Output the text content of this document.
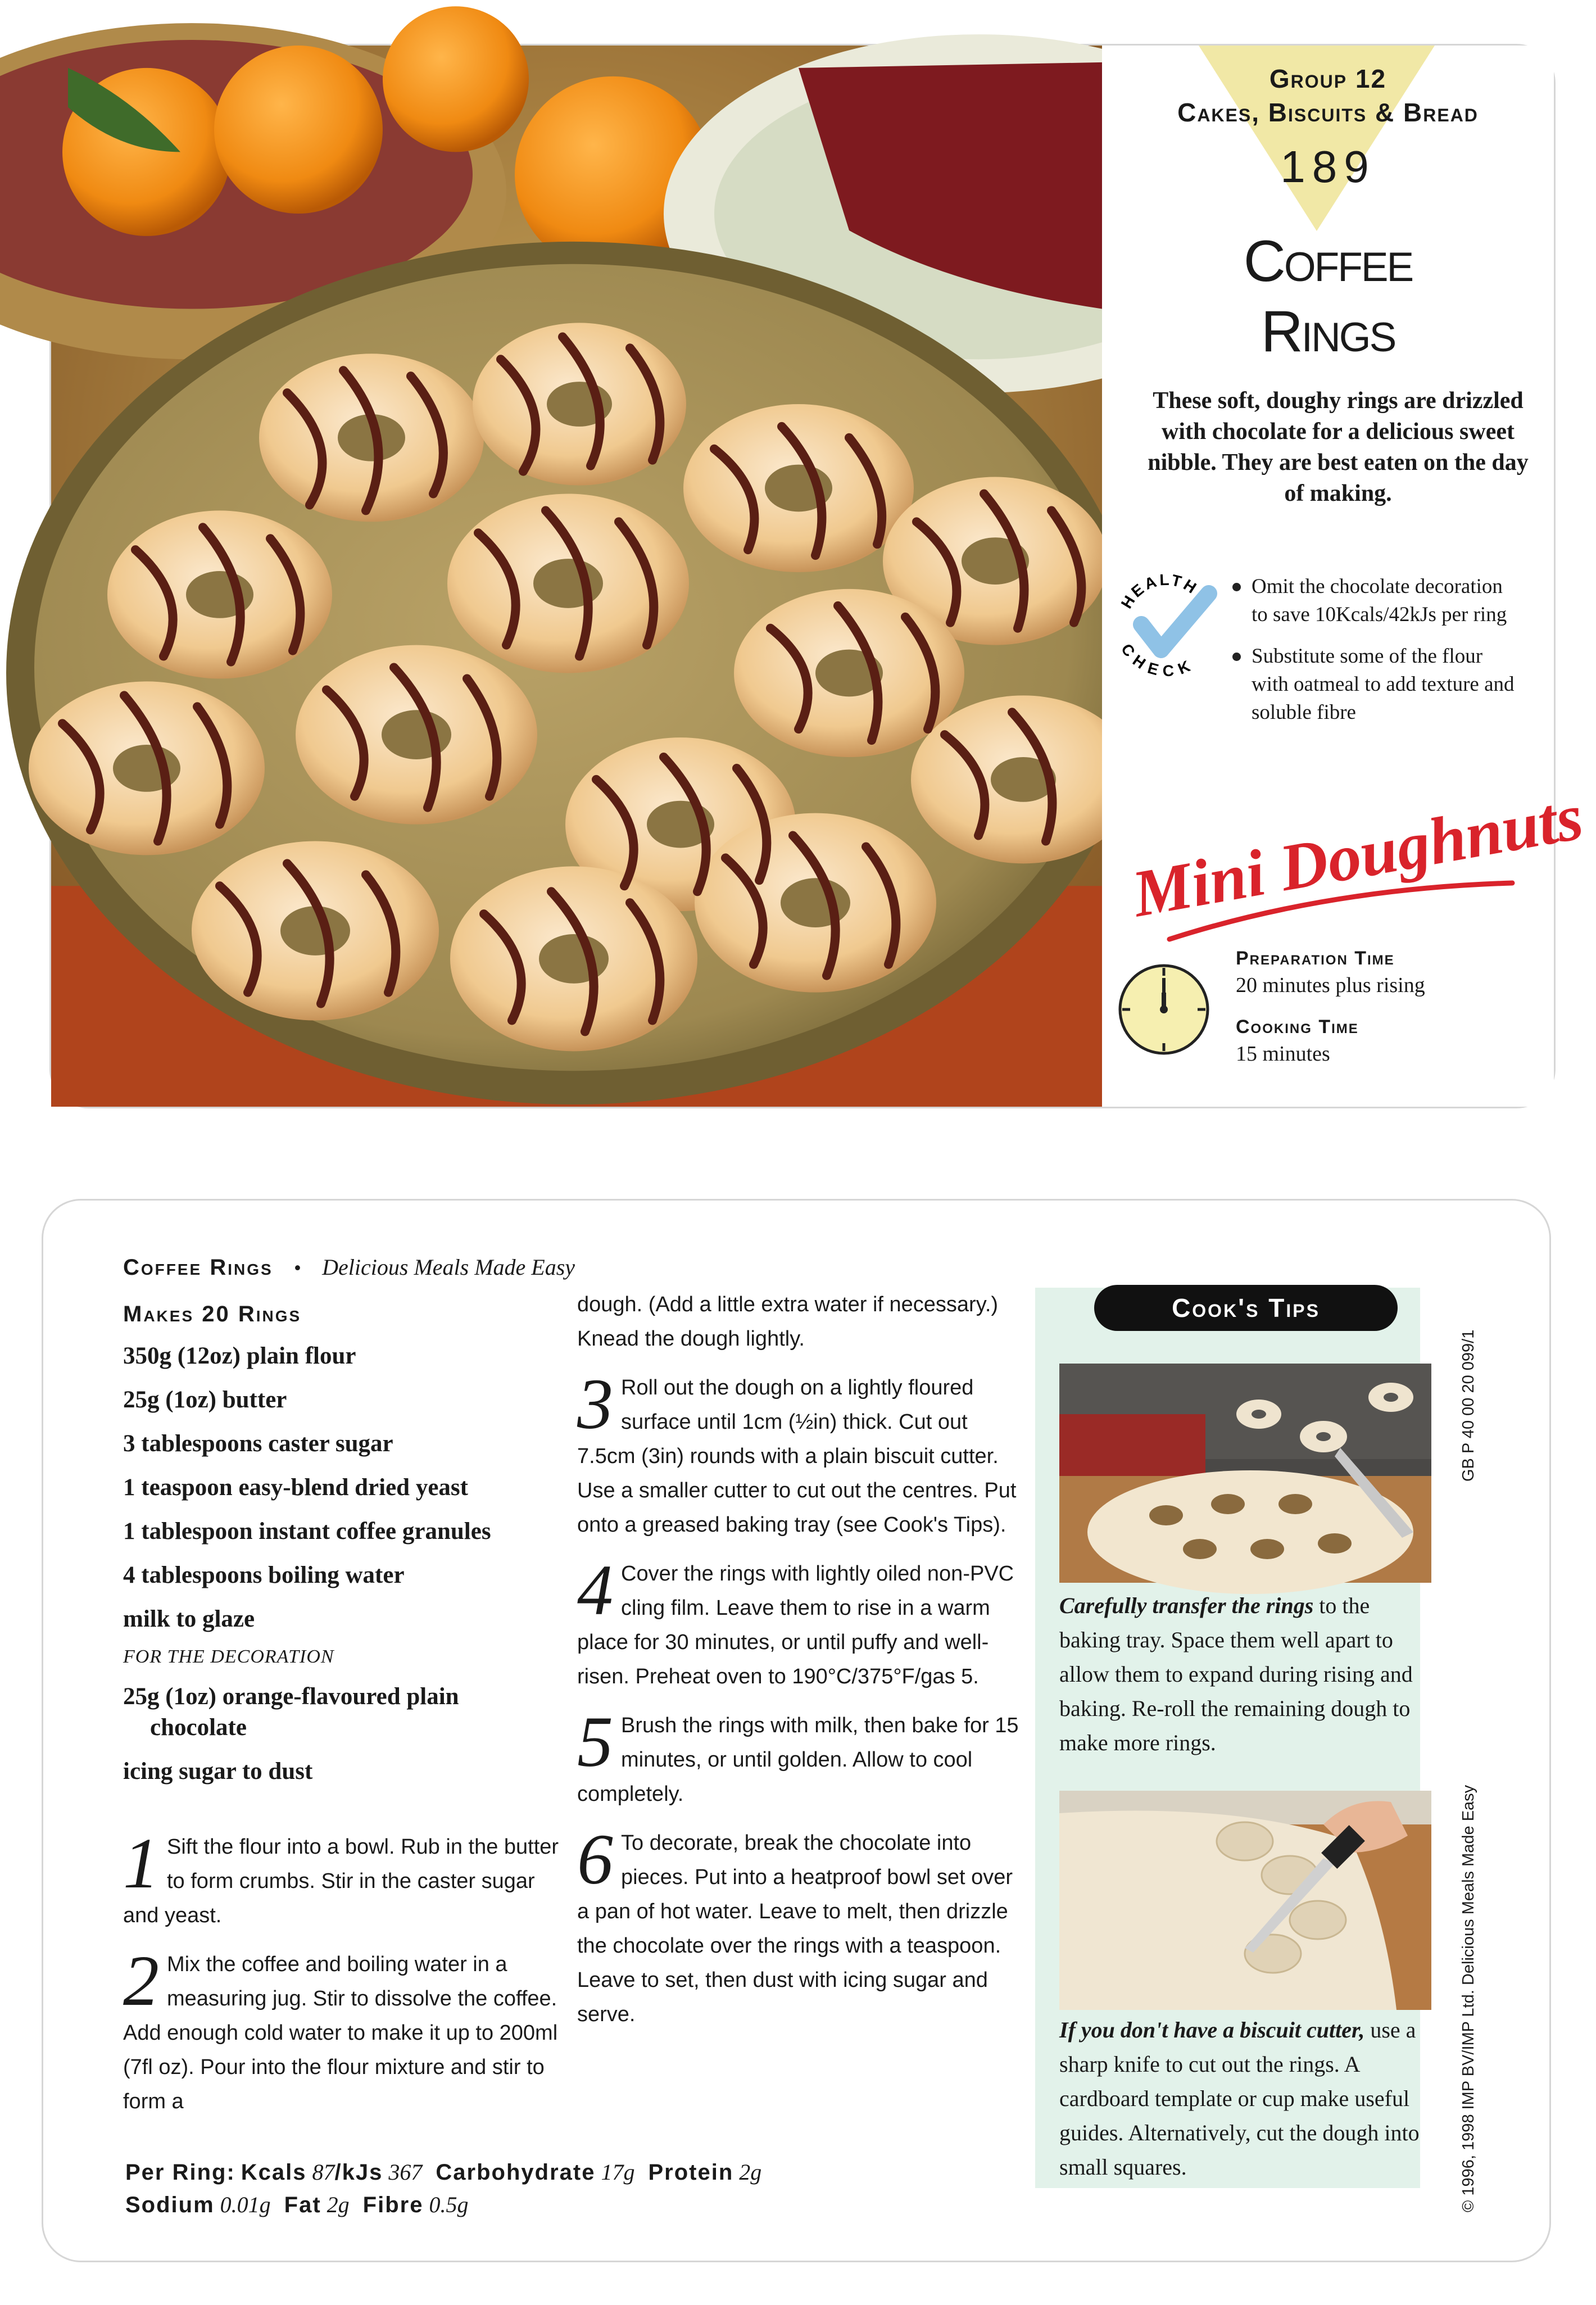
Group 12
Cakes, Biscuits & Bread
189
Coffee
Rings
These soft, doughy rings are drizzled with chocolate for a delicious sweet nibble. They are best eaten on the day of making.
HEALTH
CHECK
Omit the chocolate decoration to save 10Kcals/42kJs per ring
Substitute some of the flour with oatmeal to add texture and soluble fibre
Mini Doughnuts
Preparation Time
20 minutes plus rising
Cooking Time
15 minutes
Coffee Rings • Delicious Meals Made Easy
Makes 20 Rings
350g (12oz) plain flour
25g (1oz) butter
3 tablespoons caster sugar
1 teaspoon easy-blend dried yeast
1 tablespoon instant coffee granules
4 tablespoons boiling water
milk to glaze
FOR THE DECORATION
25g (1oz) orange-flavoured plain chocolate
icing sugar to dust
1 Sift the flour into a bowl. Rub in the butter to form crumbs. Stir in the caster sugar and yeast.
2 Mix the coffee and boiling water in a measuring jug. Stir to dissolve the coffee. Add enough cold water to make it up to 200ml (7fl oz). Pour into the flour mixture and stir to form a
dough. (Add a little extra water if necessary.) Knead the dough lightly.
3 Roll out the dough on a lightly floured surface until 1cm (½in) thick. Cut out 7.5cm (3in) rounds with a plain biscuit cutter. Use a smaller cutter to cut out the centres. Put onto a greased baking tray (see Cook's Tips).
4 Cover the rings with lightly oiled non-PVC cling film. Leave them to rise in a warm place for 30 minutes, or until puffy and well-risen. Preheat oven to 190°C/375°F/gas 5.
5 Brush the rings with milk, then bake for 15 minutes, or until golden. Allow to cool completely.
6 To decorate, break the chocolate into pieces. Put into a heatproof bowl set over a pan of hot water. Leave to melt, then drizzle the chocolate over the rings with a teaspoon. Leave to set, then dust with icing sugar and serve.
Per Ring: Kcals 87/kJs 367 Carbohydrate 17g Protein 2g
Sodium 0.01g Fat 2g Fibre 0.5g
Cook's Tips
Carefully transfer the rings to the baking tray. Space them well apart to allow them to expand during rising and baking. Re-roll the remaining dough to make more rings.
If you don't have a biscuit cutter, use a sharp knife to cut out the rings. A cardboard template or cup make useful guides. Alternatively, cut the dough into small squares.
GB P 40 00 20 099/1
© 1996, 1998 IMP BV/IMP Ltd. Delicious Meals Made Easy
